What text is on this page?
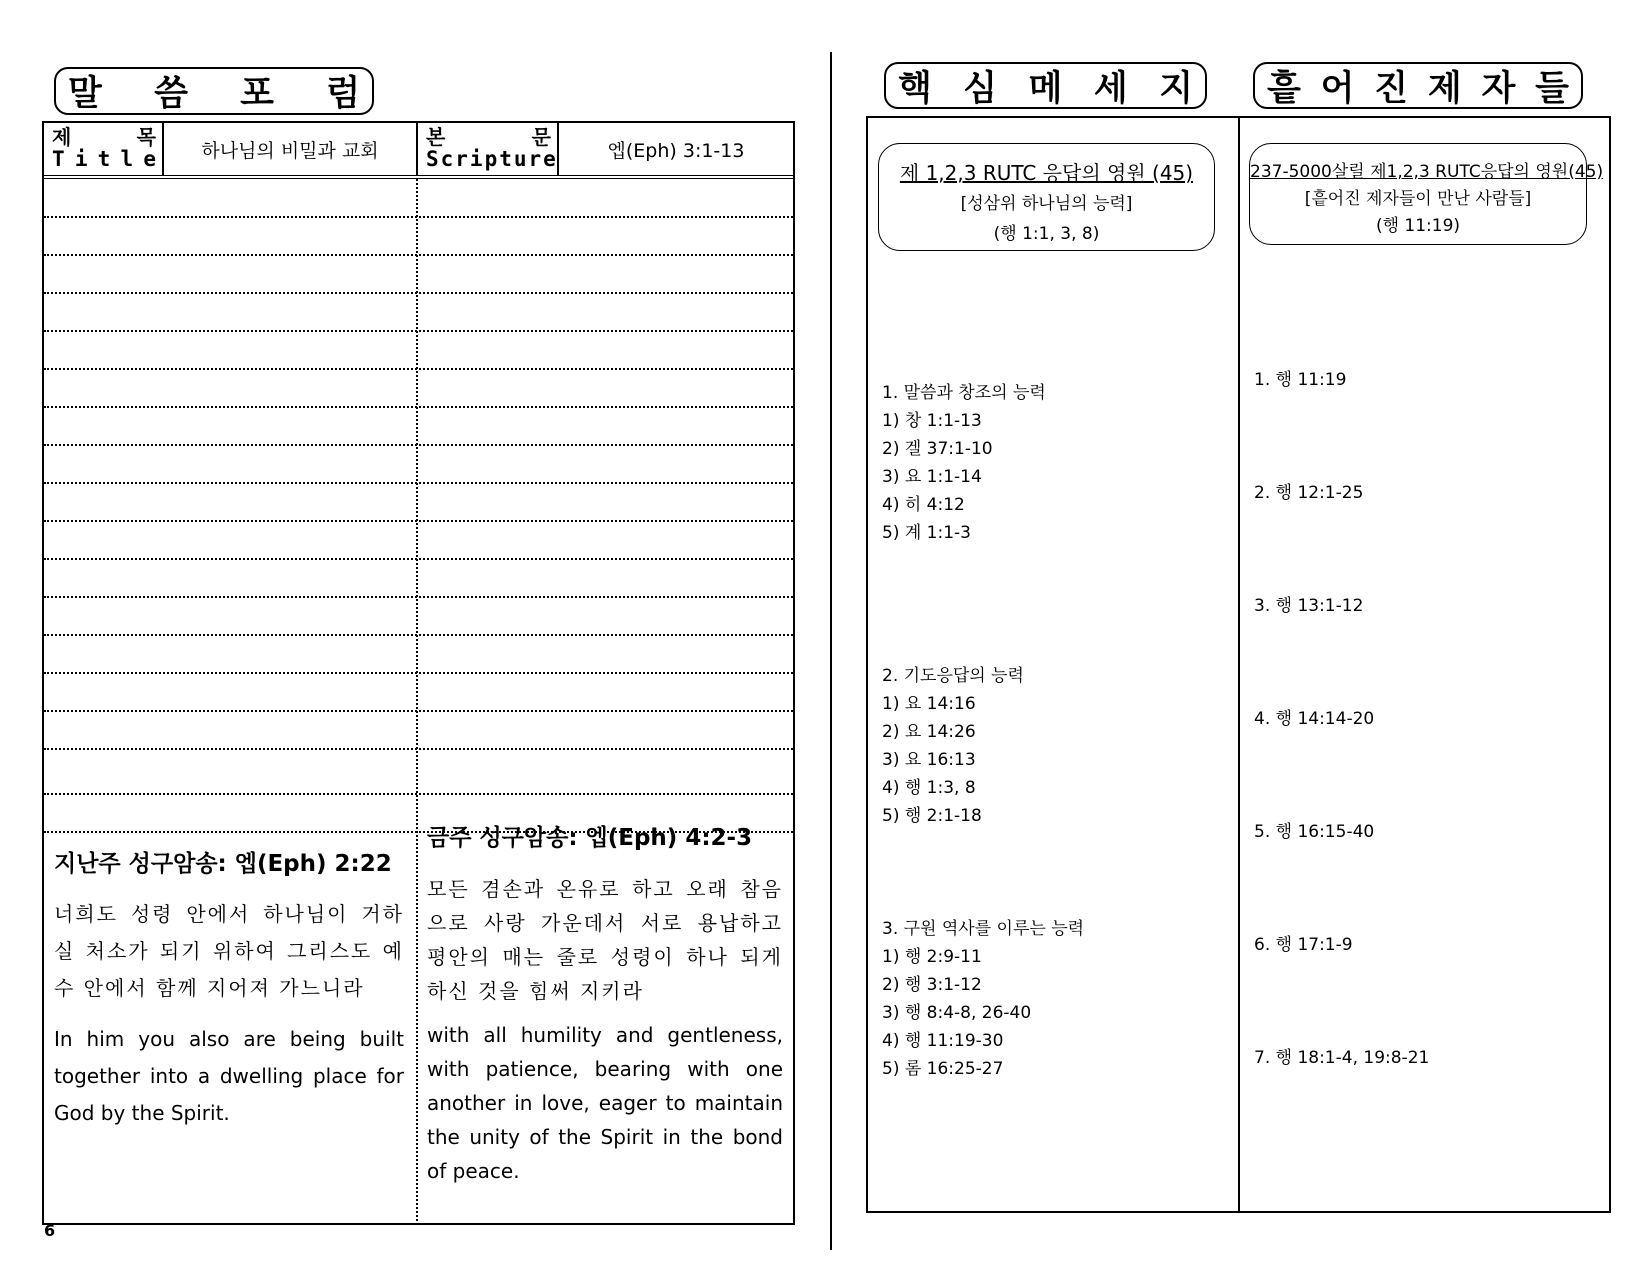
말 씀 포 럼
제	목
T i t l e	하나님의 비밀과 교회
본	문
Scripture	엡(Eph) 3:1-13
지난주 성구암송: 엡(Eph) 2:22
너희도 성령 안에서 하나님이 거하실 처소가 되기 위하여 그리스도 예수 안에서 함께 지어져 가느니라
In him you also are being built together into a dwelling place for God by the Spirit.
금주 성구암송: 엡(Eph) 4:2-3
모든 겸손과 온유로 하고 오래 참음으로 사랑 가운데서 서로 용납하고 평안의 매는 줄로 성령이 하나 되게 하신 것을 힘써 지키라
with all humility and gentleness, with patience, bearing with one another in love, eager to maintain the unity of the Spirit in the bond of peace.
6
핵 심 메 세 지 흩 어 진 제 자 들
제 1,2,3 RUTC 응답의 영원 (45)
[성삼위 하나님의 능력]
(행 1:1, 3, 8)
237-5000살릴 제1,2,3 RUTC응답의 영원(45)
[흩어진 제자들이 만난 사람들]
(행 11:19)
1. 말씀과 창조의 능력
1) 창 1:1-13
2) 겔 37:1-10
3) 요 1:1-14
4) 히 4:12
5) 계 1:1-3
2. 기도응답의 능력
1) 요 14:16
2) 요 14:26
3) 요 16:13
4) 행 1:3, 8
5) 행 2:1-18
3. 구원 역사를 이루는 능력
1) 행 2:9-11
2) 행 3:1-12
3) 행 8:4-8, 26-40
4) 행 11:19-30
5) 롬 16:25-27
1. 행 11:19
2. 행 12:1-25
3. 행 13:1-12
4. 행 14:14-20
5. 행 16:15-40
6. 행 17:1-9
7. 행 18:1-4, 19:8-21
